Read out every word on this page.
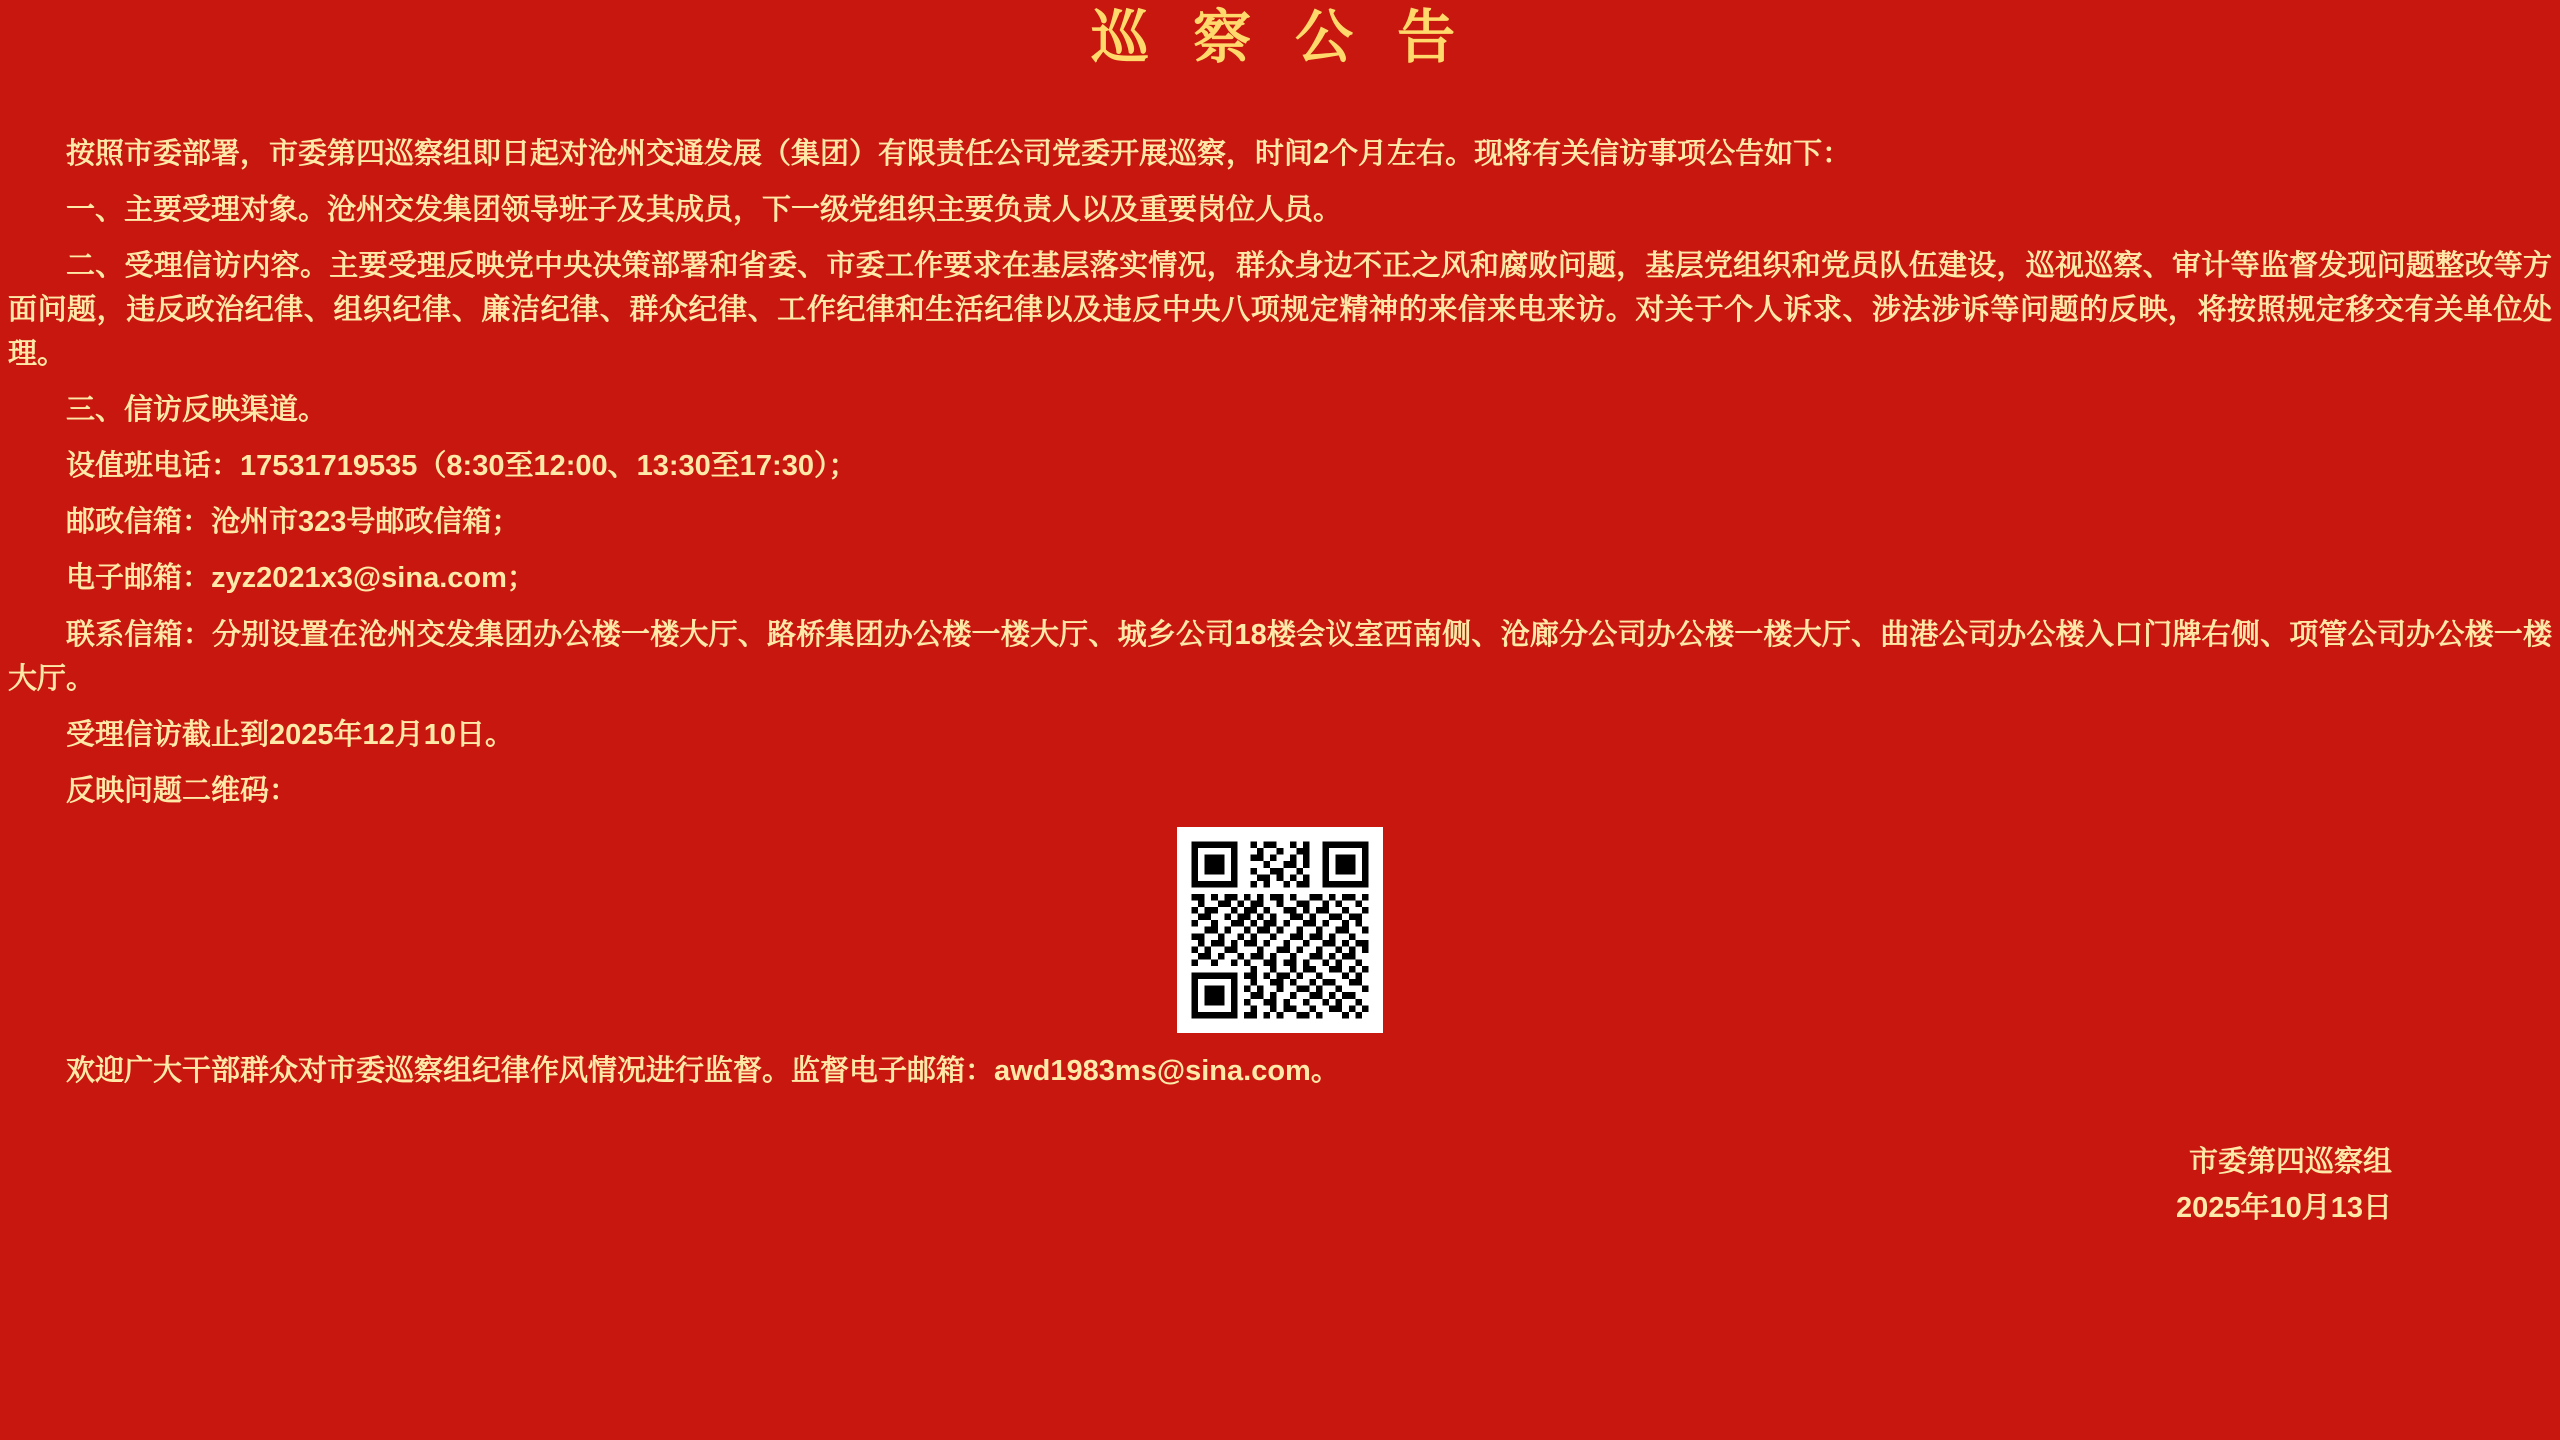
巡 察 公 告

按照市委部署，市委第四巡察组即日起对沧州交通发展（集团）有限责任公司党委开展巡察，时间2个月左右。现将有关信访事项公告如下：

一、主要受理对象。沧州交发集团领导班子及其成员，下一级党组织主要负责人以及重要岗位人员。

二、受理信访内容。主要受理反映党中央决策部署和省委、市委工作要求在基层落实情况，群众身边不正之风和腐败问题，基层党组织和党员队伍建设，巡视巡察、审计等监督发现问题整改等方面问题，违反政治纪律、组织纪律、廉洁纪律、群众纪律、工作纪律和生活纪律以及违反中央八项规定精神的来信来电来访。对关于个人诉求、涉法涉诉等问题的反映，将按照规定移交有关单位处理。

三、信访反映渠道。

设值班电话：17531719535（8:30至12:00、13:30至17:30）；

邮政信箱：沧州市323号邮政信箱；

电子邮箱：zyz2021x3@sina.com；

联系信箱：分别设置在沧州交发集团办公楼一楼大厅、路桥集团办公楼一楼大厅、城乡公司18楼会议室西南侧、沧廊分公司办公楼一楼大厅、曲港公司办公楼入口门牌右侧、项管公司办公楼一楼大厅。

受理信访截止到2025年12月10日。

反映问题二维码：

欢迎广大干部群众对市委巡察组纪律作风情况进行监督。监督电子邮箱：awd1983ms@sina.com。

市委第四巡察组
2025年10月13日
